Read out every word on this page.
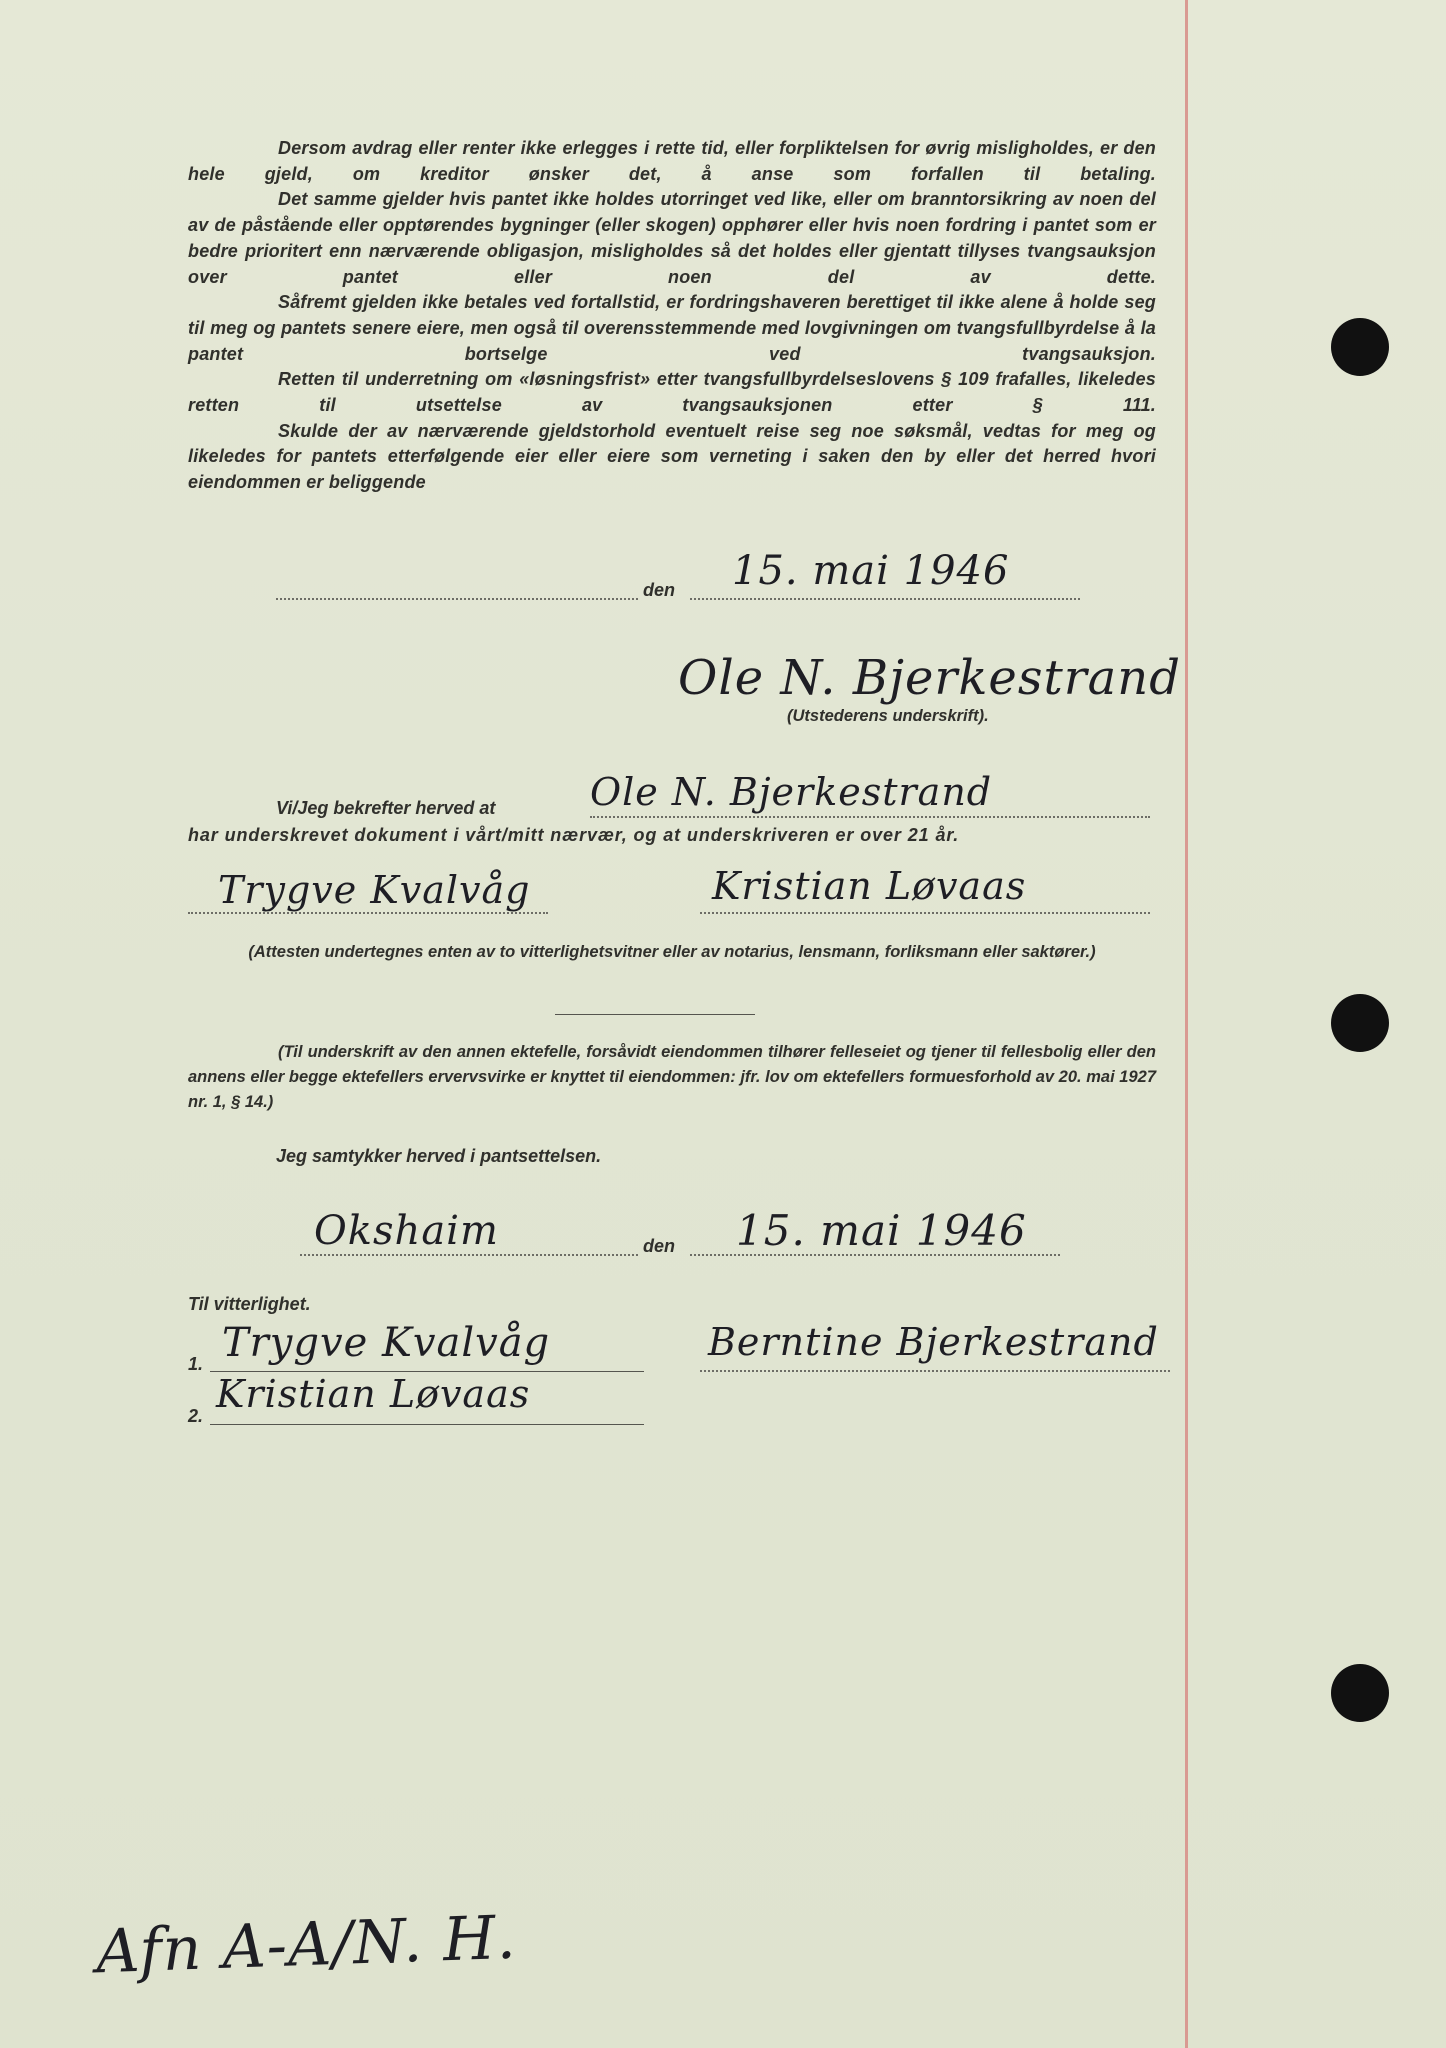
Dersom avdrag eller renter ikke erlegges i rette tid, eller forpliktelsen for øvrig misligholdes, er den hele gjeld, om kreditor ønsker det, å anse som forfallen til betaling.

Det samme gjelder hvis pantet ikke holdes utorringet ved like, eller om branntorsikring av noen del av de påstående eller opptørendes bygninger (eller skogen) opphører eller hvis noen fordring i pantet som er bedre prioritert enn nærværende obligasjon, misligholdes så det holdes eller gjentatt tillyses tvangsauksjon over pantet eller noen del av dette.

Såfremt gjelden ikke betales ved fortallstid, er fordringshaveren berettiget til ikke alene å holde seg til meg og pantets senere eiere, men også til overensstemmende med lovgivningen om tvangsfullbyrdelse å la pantet bortselge ved tvangsauksjon.

Retten til underretning om «løsningsfrist» etter tvangsfullbyrdelseslovens § 109 frafalles, likeledes retten til utsettelse av tvangsauksjonen etter § 111.

Skulde der av nærværende gjeldstorhold eventuelt reise seg noe søksmål, vedtas for meg og likeledes for pantets etterfølgende eier eller eiere som verneting i saken den by eller det herred hvori eiendommen er beliggende

den 15. mai 1946
Ole N. Bjerkestrand
(Utstederens underskrift).
Vi/Jeg bekrefter herved at Ole N. Bjerkestrand
har underskrevet dokument i vårt/mitt nærvær, og at underskriveren er over 21 år.
Trygve Kvalvåg	Kristian Løvaas
(Attesten undertegnes enten av to vitterlighetsvitner eller av notarius, lensmann, forliksmann eller saktører.)
(Til underskrift av den annen ektefelle, forsåvidt eiendommen tilhører felleseiet og tjener til fellesbolig eller den annens eller begge ektefellers ervervsvirke er knyttet til eiendommen: jfr. lov om ektefellers formuesforhold av 20. mai 1927 nr. 1, § 14.)
Jeg samtykker herved i pantsettelsen.
Okshaim	den 15. mai 1946
Til vitterlighet.
1. Trygve Kvalvåg
2. Kristian Løvaas
Berntine Bjerkestrand
Afn A-A/N. H.
